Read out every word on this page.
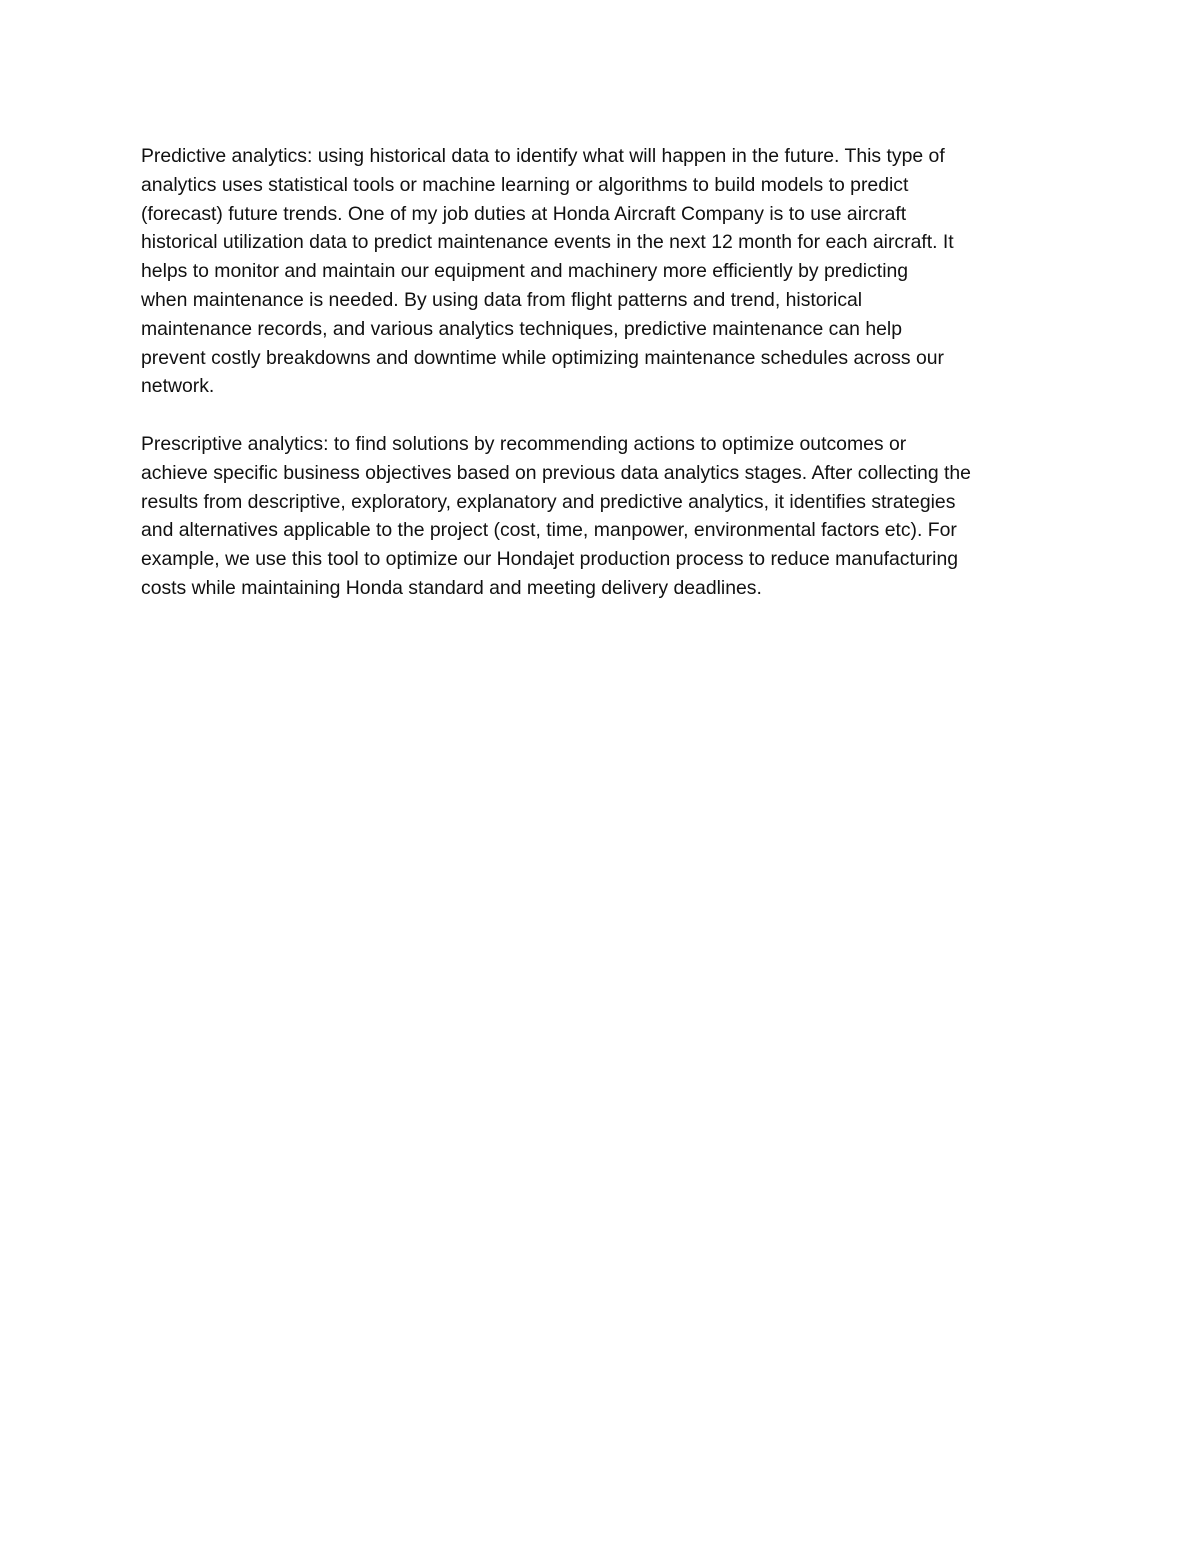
Predictive analytics: using historical data to identify what will happen in the future. This type of
analytics uses statistical tools or machine learning or algorithms to build models to predict
(forecast) future trends. One of my job duties at Honda Aircraft Company is to use aircraft
historical utilization data to predict maintenance events in the next 12 month for each aircraft. It
helps to monitor and maintain our equipment and machinery more efficiently by predicting
when maintenance is needed. By using data from flight patterns and trend, historical
maintenance records, and various analytics techniques, predictive maintenance can help
prevent costly breakdowns and downtime while optimizing maintenance schedules across our
network.

Prescriptive analytics: to find solutions by recommending actions to optimize outcomes or
achieve specific business objectives based on previous data analytics stages. After collecting the
results from descriptive, exploratory, explanatory and predictive analytics, it identifies strategies
and alternatives applicable to the project (cost, time, manpower, environmental factors etc). For
example, we use this tool to optimize our Hondajet production process to reduce manufacturing
costs while maintaining Honda standard and meeting delivery deadlines.
